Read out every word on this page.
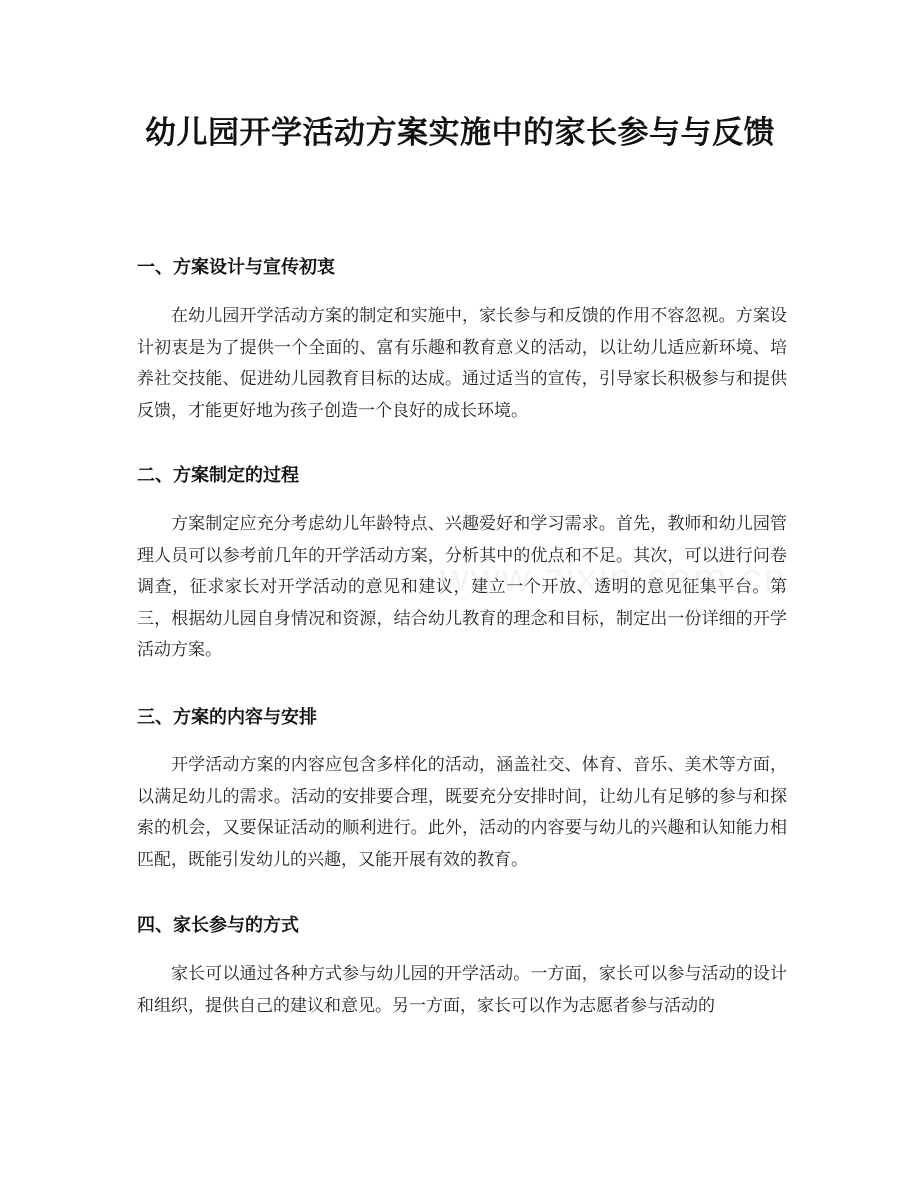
幼儿园开学活动方案实施中的家长参与与反馈
一、方案设计与宣传初衷

在幼儿园开学活动方案的制定和实施中，家长参与和反馈的作用不容忽视。方案设计初衷是为了提供一个全面的、富有乐趣和教育意义的活动，以让幼儿适应新环境、培养社交技能、促进幼儿园教育目标的达成。通过适当的宣传，引导家长积极参与和提供反馈，才能更好地为孩子创造一个良好的成长环境。

二、方案制定的过程

方案制定应充分考虑幼儿年龄特点、兴趣爱好和学习需求。首先，教师和幼儿园管理人员可以参考前几年的开学活动方案，分析其中的优点和不足。其次，可以进行问卷调查，征求家长对开学活动的意见和建议，建立一个开放、透明的意见征集平台。第三，根据幼儿园自身情况和资源，结合幼儿教育的理念和目标，制定出一份详细的开学活动方案。

三、方案的内容与安排

开学活动方案的内容应包含多样化的活动，涵盖社交、体育、音乐、美术等方面，以满足幼儿的需求。活动的安排要合理，既要充分安排时间，让幼儿有足够的参与和探索的机会，又要保证活动的顺利进行。此外，活动的内容要与幼儿的兴趣和认知能力相匹配，既能引发幼儿的兴趣，又能开展有效的教育。

四、家长参与的方式

家长可以通过各种方式参与幼儿园的开学活动。一方面，家长可以参与活动的设计和组织，提供自己的建议和意见。另一方面，家长可以作为志愿者参与活动的
